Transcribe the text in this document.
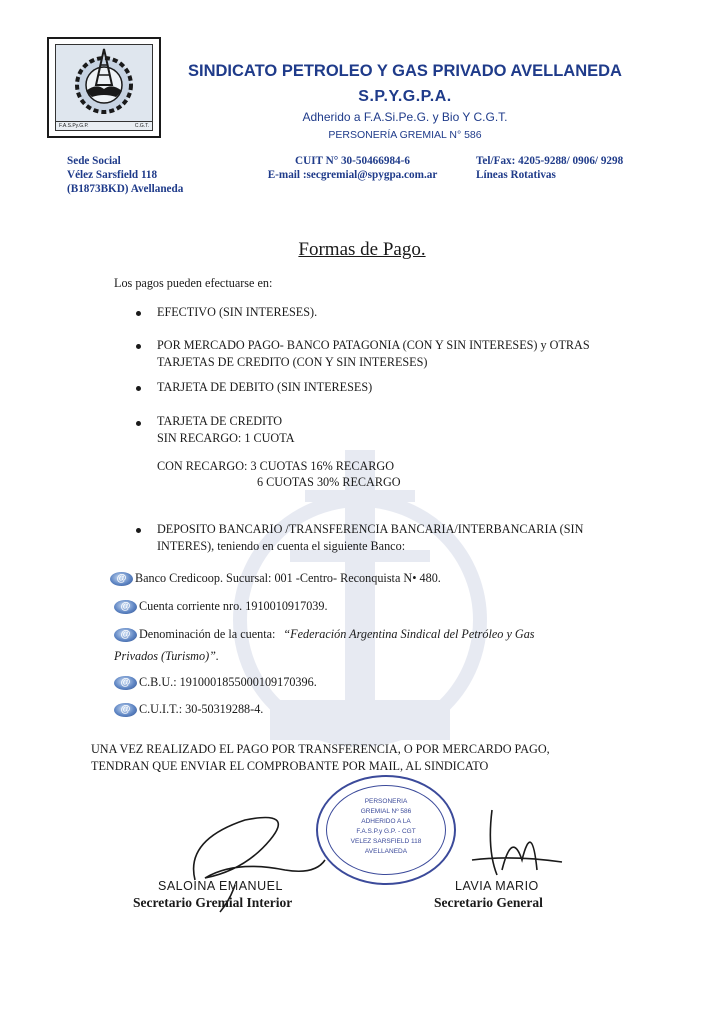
F.A.S.Py.G.P.	C.G.T.
SINDICATO PETROLEO Y GAS PRIVADO AVELLANEDA
S.P.Y.G.P.A.
Adherido a F.A.Si.Pe.G. y Bio Y C.G.T.
PERSONERÍA GREMIAL N° 586
Sede Social
Vélez Sarsfield 118
(B1873BKD) Avellaneda
CUIT N° 30-50466984-6
E-mail :secgremial@spygpa.com.ar
Tel/Fax: 4205-9288/ 0906/ 9298
Líneas Rotativas
Formas de Pago.
Los pagos pueden efectuarse en:
EFECTIVO (SIN INTERESES).
POR MERCADO PAGO- BANCO PATAGONIA (CON Y SIN INTERESES) y OTRAS
TARJETAS DE CREDITO (CON Y SIN INTERESES)
TARJETA DE DEBITO (SIN INTERESES)
TARJETA DE CREDITO
SIN RECARGO: 1 CUOTA
CON RECARGO: 3 CUOTAS 16% RECARGO
6 CUOTAS 30% RECARGO
DEPOSITO BANCARIO /TRANSFERENCIA BANCARIA/INTERBANCARIA (SIN
INTERES), teniendo en cuenta el siguiente Banco:
@ Banco Credicoop. Sucursal: 001 -Centro- Reconquista N• 480.
@ Cuenta corriente nro. 1910010917039.
@ Denominación de la cuenta: “Federación Argentina Sindical del Petróleo y Gas
Privados (Turismo)”.
@ C.B.U.: 1910001855000109170396.
@ C.U.I.T.: 30-50319288-4.
UNA VEZ REALIZADO EL PAGO POR TRANSFERENCIA, O POR MERCARDO PAGO,
TENDRAN QUE ENVIAR EL COMPROBANTE POR MAIL, AL SINDICATO
PERSONERIA
GREMIAL Nº 586
ADHERIDO A LA
F.A.S.P.y G.P. - CGT
VELEZ SARSFIELD 118
AVELLANEDA
SALOINA EMANUEL
Secretario Gremial Interior
LAVIA MARIO
Secretario General
